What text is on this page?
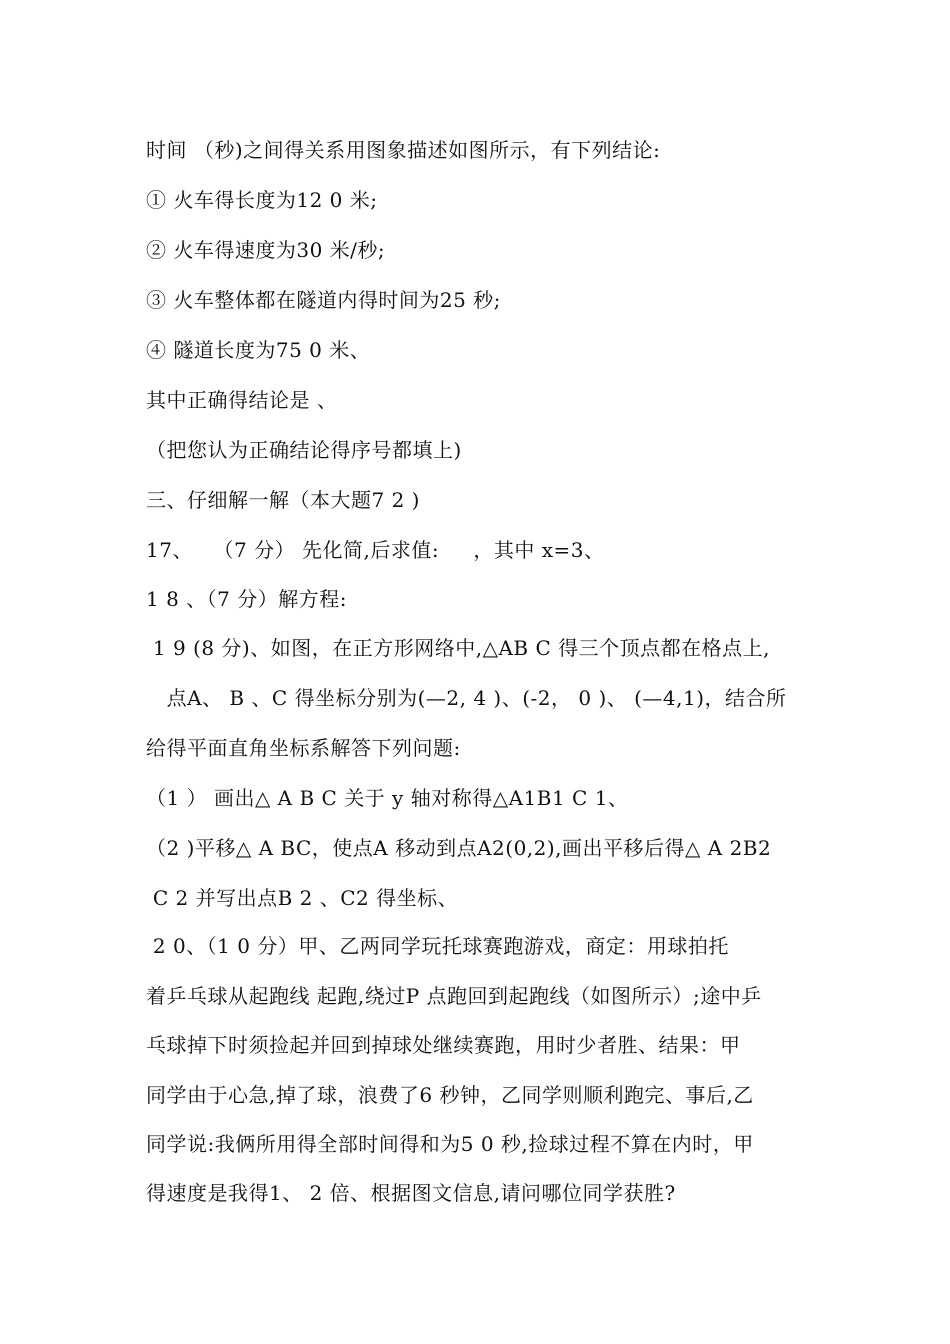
时间 （秒)之间得关系用图象描述如图所示，有下列结论:
① 火车得长度为12 0 米;
② 火车得速度为30 米/秒;
③ 火车整体都在隧道内得时间为25 秒;
④ 隧道长度为75 0 米、
其中正确得结论是 、
（把您认为正确结论得序号都填上)
三、仔细解一解（本大题7 2 )
17、   （7 分） 先化简,后求值:     ，其中 x=3、
1 8 、（7 分）解方程:
1 9 (8 分)、如图，在正方形网络中,△AB C 得三个顶点都在格点上,
点A、 B 、C 得坐标分别为(—2, 4 )、(-2， 0 )、 (—4,1)，结合所
给得平面直角坐标系解答下列问题:
（1 ） 画出△ A B C 关于 y 轴对称得△A1B1 C 1、
（2 )平移△ A BC，使点A 移动到点A2(0,2),画出平移后得△ A 2B2
C 2 并写出点B 2 、C2 得坐标、
2 0、（1 0 分）甲、乙两同学玩托球赛跑游戏，商定：用球拍托
着乒乓球从起跑线 起跑,绕过P 点跑回到起跑线（如图所示）;途中乒
乓球掉下时须捡起并回到掉球处继续赛跑，用时少者胜、结果：甲
同学由于心急,掉了球，浪费了6 秒钟，乙同学则顺利跑完、事后,乙
同学说:我俩所用得全部时间得和为5 0 秒,捡球过程不算在内时，甲
得速度是我得1、 2 倍、根据图文信息,请问哪位同学获胜?
